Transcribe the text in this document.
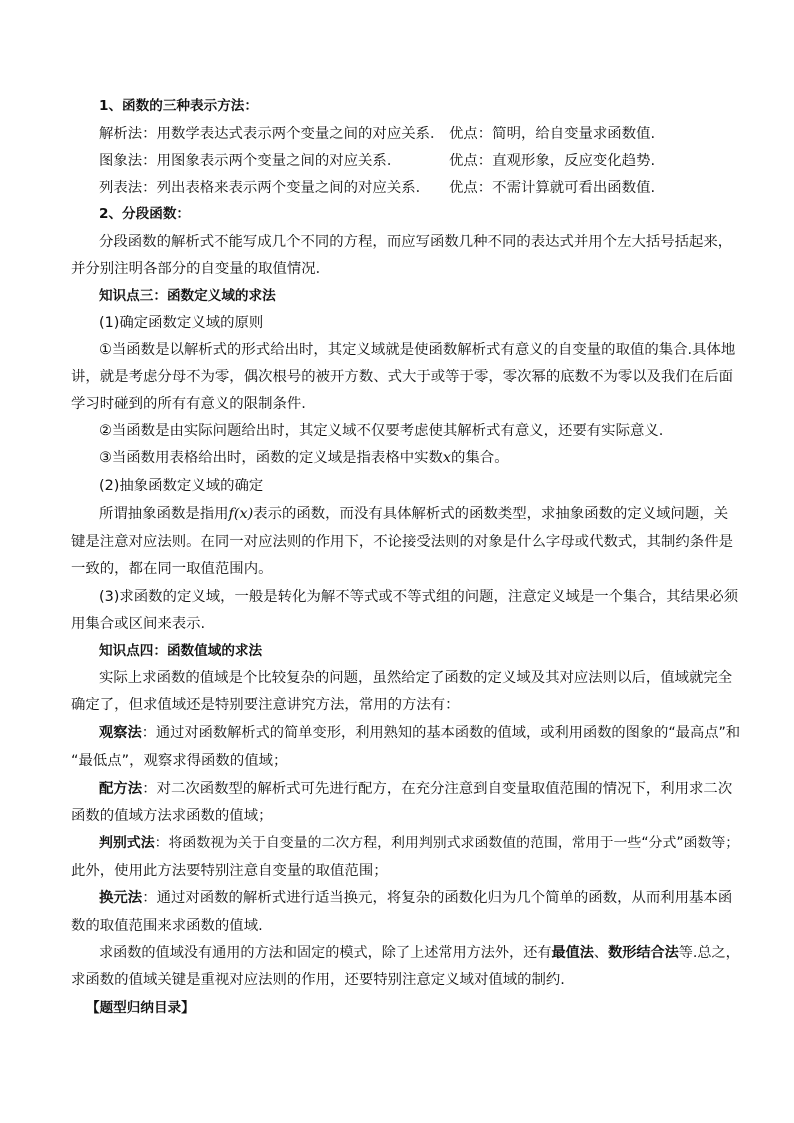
1、函数的三种表示方法：
解析法：用数学表达式表示两个变量之间的对应关系． 优点：简明，给自变量求函数值.
图象法：用图象表示两个变量之间的对应关系．	优点：直观形象，反应变化趋势.
列表法：列出表格来表示两个变量之间的对应关系． 优点：不需计算就可看出函数值.
2、分段函数：
分段函数的解析式不能写成几个不同的方程，而应写函数几种不同的表达式并用个左大括号括起来，
并分别注明各部分的自变量的取值情况．
知识点三：函数定义域的求法
(1)确定函数定义域的原则
①当函数是以解析式的形式给出时，其定义域就是使函数解析式有意义的自变量的取值的集合.具体地
讲，就是考虑分母不为零，偶次根号的被开方数、式大于或等于零，零次幂的底数不为零以及我们在后面
学习时碰到的所有有意义的限制条件.
②当函数是由实际问题给出时，其定义域不仅要考虑使其解析式有意义，还要有实际意义.
③当函数用表格给出时，函数的定义域是指表格中实数x的集合。
(2)抽象函数定义域的确定
所谓抽象函数是指用f(x)表示的函数，而没有具体解析式的函数类型，求抽象函数的定义域问题，关
键是注意对应法则。在同一对应法则的作用下，不论接受法则的对象是什么字母或代数式，其制约条件是
一致的，都在同一取值范围内。
(3)求函数的定义域，一般是转化为解不等式或不等式组的问题，注意定义域是一个集合，其结果必须
用集合或区间来表示.
知识点四：函数值域的求法
实际上求函数的值域是个比较复杂的问题，虽然给定了函数的定义域及其对应法则以后，值域就完全
确定了，但求值域还是特别要注意讲究方法，常用的方法有：
观察法：通过对函数解析式的简单变形，利用熟知的基本函数的值域，或利用函数的图象的“最高点”和
“最低点”，观察求得函数的值域；
配方法：对二次函数型的解析式可先进行配方，在充分注意到自变量取值范围的情况下，利用求二次
函数的值域方法求函数的值域；
判别式法：将函数视为关于自变量的二次方程，利用判别式求函数值的范围，常用于一些“分式”函数等；
此外，使用此方法要特别注意自变量的取值范围；
换元法：通过对函数的解析式进行适当换元，将复杂的函数化归为几个简单的函数，从而利用基本函
数的取值范围来求函数的值域.
求函数的值域没有通用的方法和固定的模式，除了上述常用方法外，还有最值法、数形结合法等.总之，
求函数的值域关键是重视对应法则的作用，还要特别注意定义域对值域的制约.
【题型归纳目录】
